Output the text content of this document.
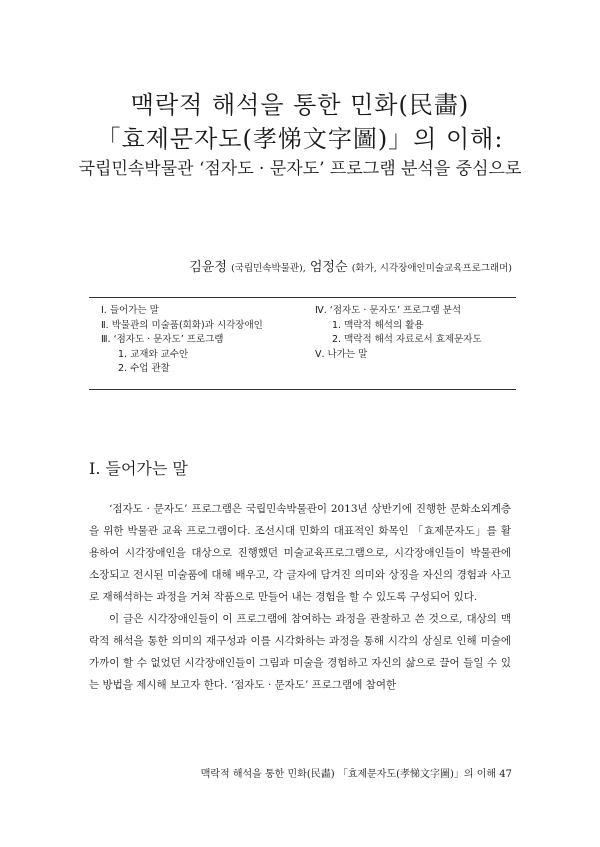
맥락적 해석을 통한 민화(民畵)
「효제문자도(孝悌文字圖)」의 이해:
국립민속박물관 ‘점자도 · 문자도’ 프로그램 분석을 중심으로
김윤정 (국립민속박물관), 엄정순 (화가, 시각장애인미술교육프로그래머)
Ⅰ. 들어가는 말
Ⅱ. 박물관의 미술품(회화)과 시각장애인
Ⅲ. ‘점자도 · 문자도’ 프로그램
1. 교재와 교수안
2. 수업 관찰
Ⅳ. ‘점자도 · 문자도’ 프로그램 분석
1. 맥락적 해석의 활용
2. 맥락적 해석 자료로서 효제문자도
Ⅴ. 나가는 말
Ⅰ. 들어가는 말

‘점자도 · 문자도’ 프로그램은 국립민속박물관이 2013년 상반기에 진행한 문화소외계층을 위한 박물관 교육 프로그램이다. 조선시대 민화의 대표적인 화목인 「효제문자도」를 활용하여 시각장애인을 대상으로 진행했던 미술교육프로그램으로, 시각장애인들이 박물관에 소장되고 전시된 미술품에 대해 배우고, 각 글자에 담겨진 의미와 상징을 자신의 경험과 사고로 재해석하는 과정을 거쳐 작품으로 만들어 내는 경험을 할 수 있도록 구성되어 있다.

이 글은 시각장애인들이 이 프로그램에 참여하는 과정을 관찰하고 쓴 것으로, 대상의 맥락적 해석을 통한 의미의 재구성과 이를 시각화하는 과정을 통해 시각의 상실로 인해 미술에 가까이 할 수 없었던 시각장애인들이 그림과 미술을 경험하고 자신의 삶으로 끌어 들일 수 있는 방법을 제시해 보고자 한다. ‘점자도 · 문자도’ 프로그램에 참여한

맥락적 해석을 통한 민화(民畵) 「효제문자도(孝悌文字圖)」의 이해 47
